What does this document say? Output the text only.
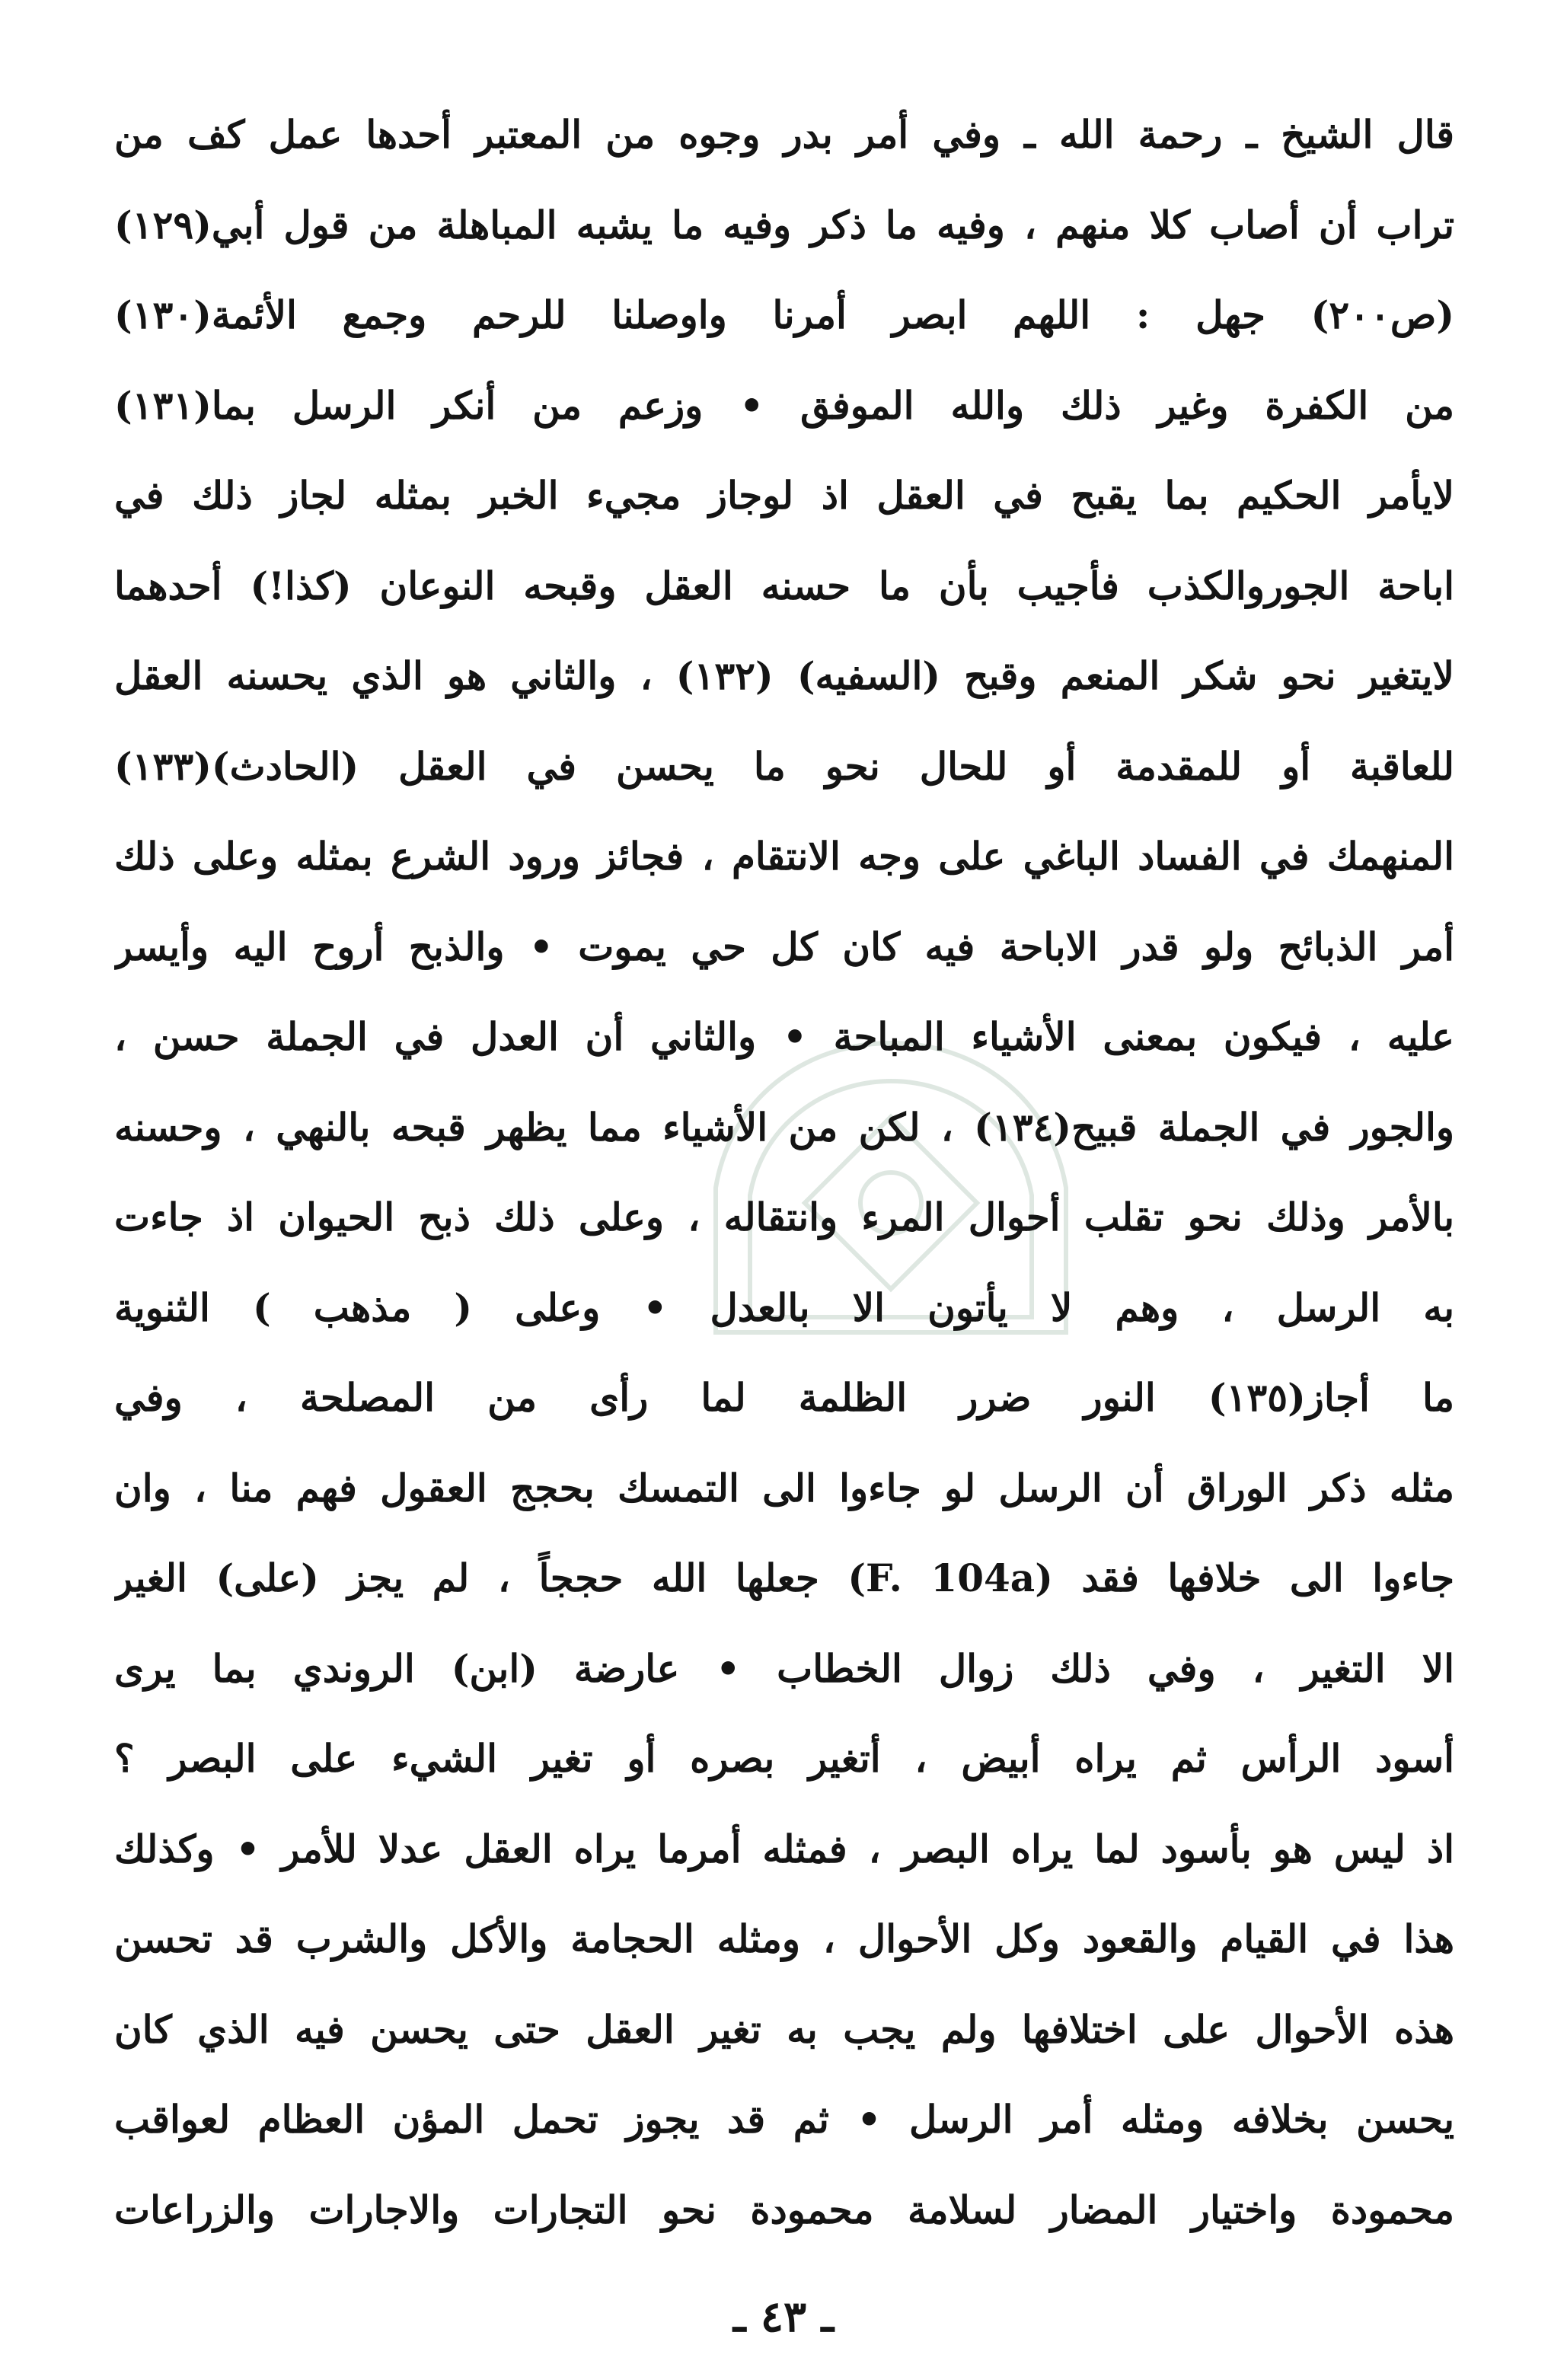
قال الشيخ ـ رحمة الله ـ وفي أمر بدر وجوه من المعتبر أحدها عمل كف من
تراب أن أصاب كلا منهم ، وفيه ما ذكر وفيه ما يشبه المباهلة من قول أبي(١٢٩)
(ص٢٠٠) جهل : اللهم ابصر أمرنا واوصلنا للرحم وجمع الأئمة(١٣٠)
من الكفرة وغير ذلك والله الموفق • وزعم من أنكر الرسل بما(١٣١)
لايأمر الحكيم بما يقبح في العقل اذ لوجاز مجيء الخبر بمثله لجاز ذلك في
اباحة الجوروالكذب فأجيب بأن ما حسنه العقل وقبحه النوعان (كذا!) أحدهما
لايتغير نحو شكر المنعم وقبح (السفيه) (١٣٢) ، والثاني هو الذي يحسنه العقل
للعاقبة أو للمقدمة أو للحال نحو ما يحسن في العقل (الحادث)(١٣٣)
المنهمك في الفساد الباغي على وجه الانتقام ، فجائز ورود الشرع بمثله وعلى ذلك
أمر الذبائح ولو قدر الاباحة فيه كان كل حي يموت • والذبح أروح اليه وأيسر
عليه ، فيكون بمعنى الأشياء المباحة • والثاني أن العدل في الجملة حسن ،
والجور في الجملة قبيح(١٣٤) ، لكن من الأشياء مما يظهر قبحه بالنهي ، وحسنه
بالأمر وذلك نحو تقلب أحوال المرء وانتقاله ، وعلى ذلك ذبح الحيوان اذ جاءت
به الرسل ، وهم لا يأتون الا بالعدل • وعلى ( مذهب ) الثنوية
ما أجاز(١٣٥) النور ضرر الظلمة لما رأى من المصلحة ، وفي
مثله ذكر الوراق أن الرسل لو جاءوا الى التمسك بحجج العقول فهم منا ، وان
جاءوا الى خلافها فقد (F. 104a) جعلها الله حججاً ، لم يجز (على) الغير
الا التغير ، وفي ذلك زوال الخطاب • عارضة (ابن) الروندي بما يرى
أسود الرأس ثم يراه أبيض ، أتغير بصره أو تغير الشيء على البصر ؟
اذ ليس هو بأسود لما يراه البصر ، فمثله أمرما يراه العقل عدلا للأمر • وكذلك
هذا في القيام والقعود وكل الأحوال ، ومثله الحجامة والأكل والشرب قد تحسن
هذه الأحوال على اختلافها ولم يجب به تغير العقل حتى يحسن فيه الذي كان
يحسن بخلافه ومثله أمر الرسل • ثم قد يجوز تحمل المؤن العظام لعواقب
محمودة واختيار المضار لسلامة محمودة نحو التجارات والاجارات والزراعات
ـ ٤٣ ـ
